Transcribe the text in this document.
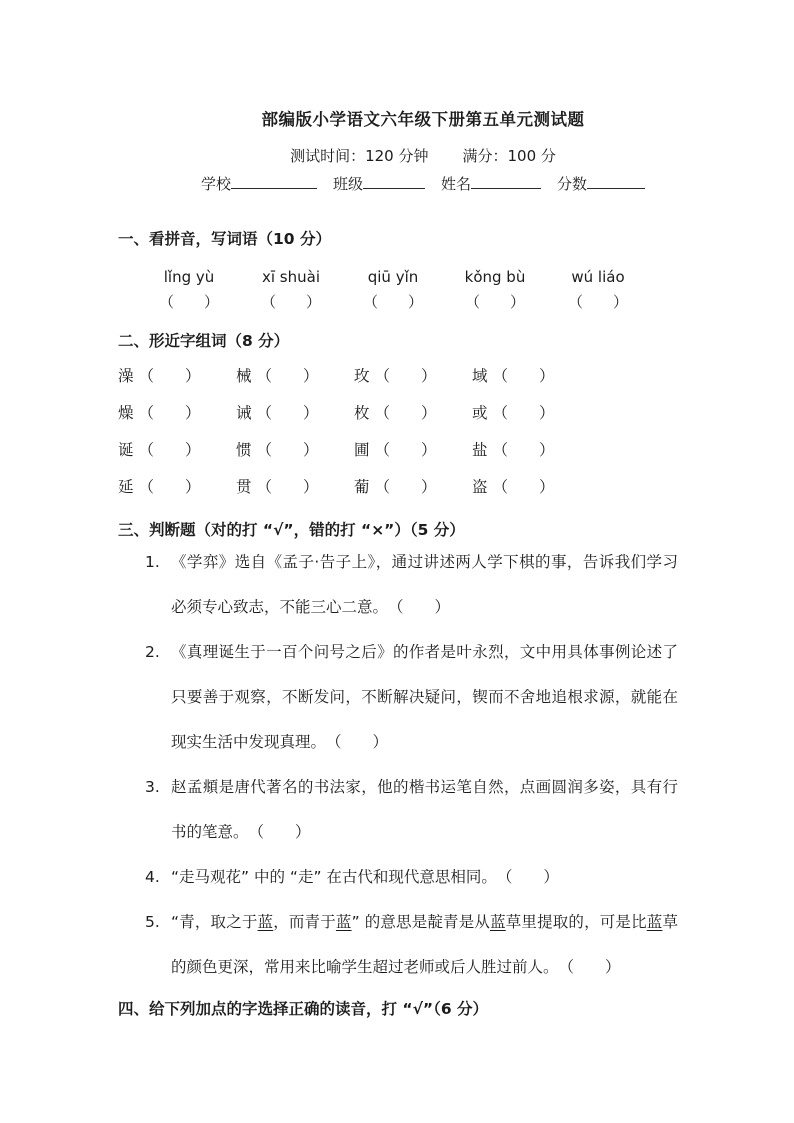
部编版小学语文六年级下册第五单元测试题
测试时间：120 分钟 满分：100 分
学校	班级	姓名	分数
一、看拼音，写词语（10 分）
lǐng yù	xī shuài	qiū yǐn	kǒng bù	wú liáo
（　　）	（　　）	（　　）	（　　）	（　　）
二、形近字组词（8 分）
澡 （　　）	械 （　　）	玫 （　　）	域 （　　）
燥 （　　）	诫 （　　）	枚 （　　）	或 （　　）
诞 （　　）	惯 （　　）	圃 （　　）	盐 （　　）
延 （　　）	贯 （　　）	葡 （　　）	盗 （　　）
三、判断题（对的打 “√”，错的打 “×”）（5 分）
1. 《学弈》选自《孟子·告子上》，通过讲述两人学下棋的事，告诉我们学习必须专心致志，不能三心二意。　（　　）
2. 《真理诞生于一百个问号之后》的作者是叶永烈，文中用具体事例论述了只要善于观察，不断发问，不断解决疑问，锲而不舍地追根求源，就能在现实生活中发现真理。　（　　）
3. 赵孟頫是唐代著名的书法家，他的楷书运笔自然，点画圆润多姿，具有行书的笔意。　（　　）
4. “走马观花” 中的 “走” 在古代和现代意思相同。　（　　）
5. “青，取之于蓝，而青于蓝” 的意思是靛青是从蓝草里提取的，可是比蓝草的颜色更深，常用来比喻学生超过老师或后人胜过前人。　（　　）
四、给下列加点的字选择正确的读音，打 “√”（6 分）
